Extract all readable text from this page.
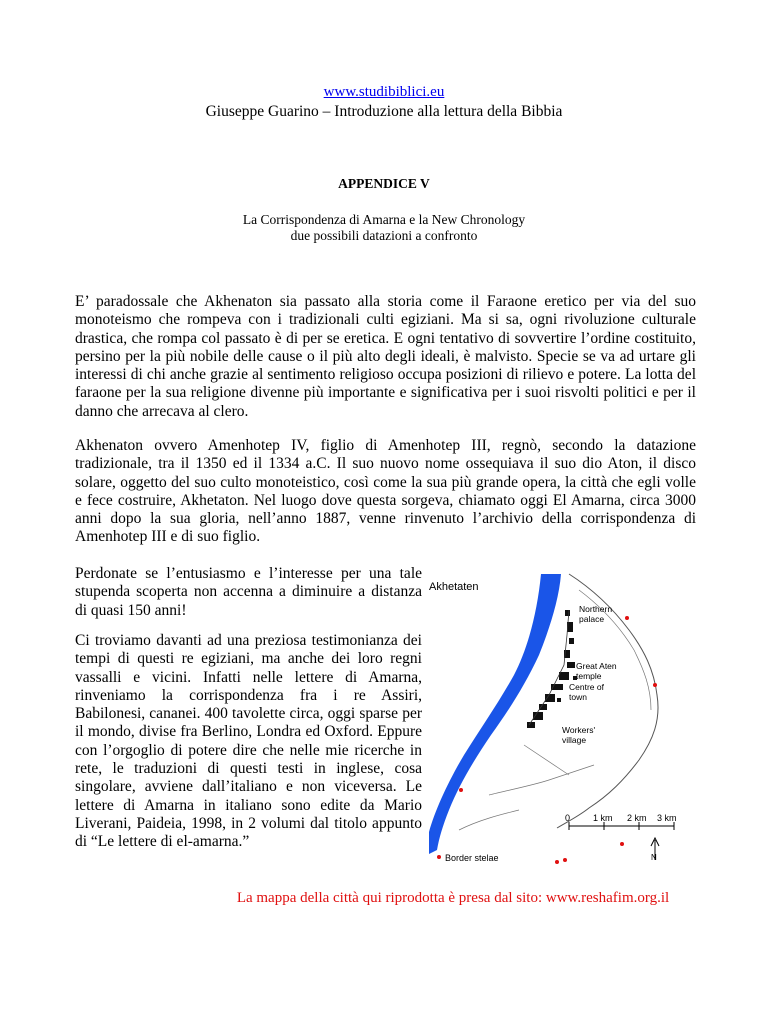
www.studibiblici.eu
Giuseppe Guarino – Introduzione alla lettura della Bibbia
APPENDICE V
La Corrispondenza di Amarna e la New Chronology
due possibili datazioni a confronto

E’ paradossale che Akhenaton sia passato alla storia come il Faraone eretico per via del suo monoteismo che rompeva con i tradizionali culti egiziani. Ma si sa, ogni rivoluzione culturale drastica, che rompa col passato è di per se eretica. E ogni tentativo di sovvertire l’ordine costituito, persino per la più nobile delle cause o il più alto degli ideali, è malvisto. Specie se va ad urtare gli interessi di chi anche grazie al sentimento religioso occupa posizioni di rilievo e potere. La lotta del faraone per la sua religione divenne più importante e significativa per i suoi risvolti politici e per il danno che arrecava al clero.

Akhenaton ovvero Amenhotep IV, figlio di Amenhotep III, regnò, secondo la datazione tradizionale, tra il 1350 ed il 1334 a.C. Il suo nuovo nome ossequiava il suo dio Aton, il disco solare, oggetto del suo culto monoteistico, così come la sua più grande opera, la città che egli volle e fece costruire, Akhetaton. Nel luogo dove questa sorgeva, chiamato oggi El Amarna, circa 3000 anni dopo la sua gloria, nell’anno 1887, venne rinvenuto l’archivio della corrispondenza di Amenhotep III e di suo figlio.

Perdonate se l’entusiasmo e l’interesse per una tale stupenda scoperta non accenna a diminuire a distanza di quasi 150 anni!

Ci troviamo davanti ad una preziosa testimonianza dei tempi di questi re egiziani, ma anche dei loro regni vassalli e vicini. Infatti nelle lettere di Amarna, rinveniamo la corrispondenza fra i re Assiri, Babilonesi, cananei. 400 tavolette circa, oggi sparse per il mondo, divise fra Berlino, Londra ed Oxford. Eppure con l’orgoglio di potere dire che nelle mie ricerche in rete, le traduzioni di questi testi in inglese, cosa singolare, avviene dall’italiano e non viceversa. Le lettere di Amarna in italiano sono edite da Mario Liverani, Paideia, 1998, in 2 volumi dal titolo appunto di “Le lettere di el-amarna.”

Akhetaten
Northern
palace
Great Aten
temple
Centre of
town
Workers'
village
0	1 km 2 km 3 km
N
Border stelae
La mappa della città qui riprodotta è presa dal sito: www.reshafim.org.il
